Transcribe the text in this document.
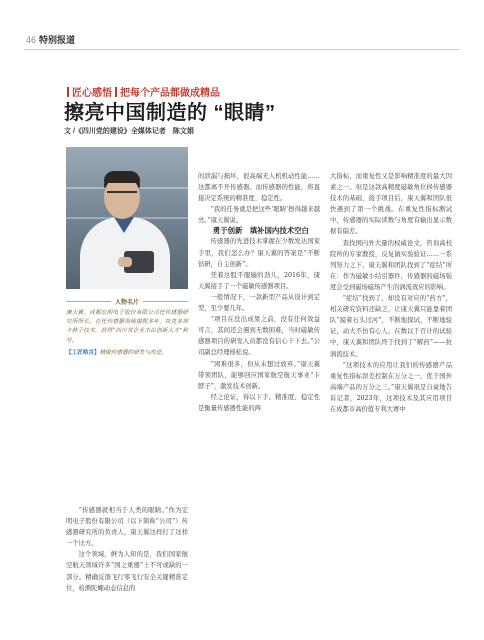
46 特别报道
匠心感悟 把每个产品都做成精品
擦亮中国制造的 “眼睛”
文 /《四川党的建设》全媒体记者　陈文娟
人物名片
康天翼，成都宏明电子股份有限公司任传感器研究所所长。在任传感器领域摸爬多年，攻克多项卡脖子技术，获得“四川省企业杰出创新人才”称号。
【工匠格言】精做传感器的研发与改进。

“传感器就相当于人类的眼睛。”作为宏明电子股份有限公司（以下简称“公司”）传感器研究所的负责人，康天翼这样打了这样一个比方。

这个领域，鲜为人知的是，我们国家航空航天领域许多“国之重器”上不可或缺的一部分。精确反馈飞行零飞行安全关键精准定位，检测陀螺动态信息的

的泄漏与损坏，很高端无人机机动性能……这都离不开传感器。而传感器的性能，将直接决定系统的精准度、稳定性。

“我的任务就是把这些‘眼睛’擦得越来越亮。”康天翼说。

勇于创新　填补国内技术空白

传感器的先进技术掌握在少数发达国家手里，我们怎么办？康天翼的答案是“不断钻研，自主创新”。

凭着这股不服输的劲儿，2016年，康天翼接手了一个磁敏传感器项目。

一般情况下，一款新型产品从设计到定型，至少要几年。

“项目在没出成果之前，没有任何效益可言，其间还会遇到无数困难，当时磁敏传感器项目的研发人员都没有信心干下去。”公司副总经理杨松说。

“困难很多，但从未想过放弃。”康天翼带领团队，能够回应国家航空航天事业“卡脖子”，激发技术创新。

经之论证，得以下手。精准度、稳定性是衡量传感器性能的两

大指标，而重复性又是影响精准度的最大因素之一。但是这款高精度磁敏角位移传感器技术的基础，接手项目后，康天翼和团队很快遇到了第一个挑战。在重复性指标测试中，传感器的实际读数与角度有输出显示数据有偏差。

查找国内外大量的权威论文，咨询高校院所的专家教授，反复做实验验证……一系列努力之下，康天翼和团队找到了“症结”所在：作为磁敏小结引器件，传感器的磁场强度会受到磁场磁场产生的涡流效应的影响。

“症结”找到了，却没有对应的“药方”，相关研究资料还缺乏，让康天翼只能靠着团队“摸着石头过河”，不断地探试，不断地验证，动大不仿有心人。在数以千百计的试验中，康天翼和团队终于找到了“解药”——抗涡流技术。

“这项技术的应用让我们的传感器产品重复性指标误差控制在万分之一，优于国外高端产品的万分之三。”康天翼很是自豪地告诉记者，2023年，这项技术及其应用项目在成都市高价值专利大赛中
